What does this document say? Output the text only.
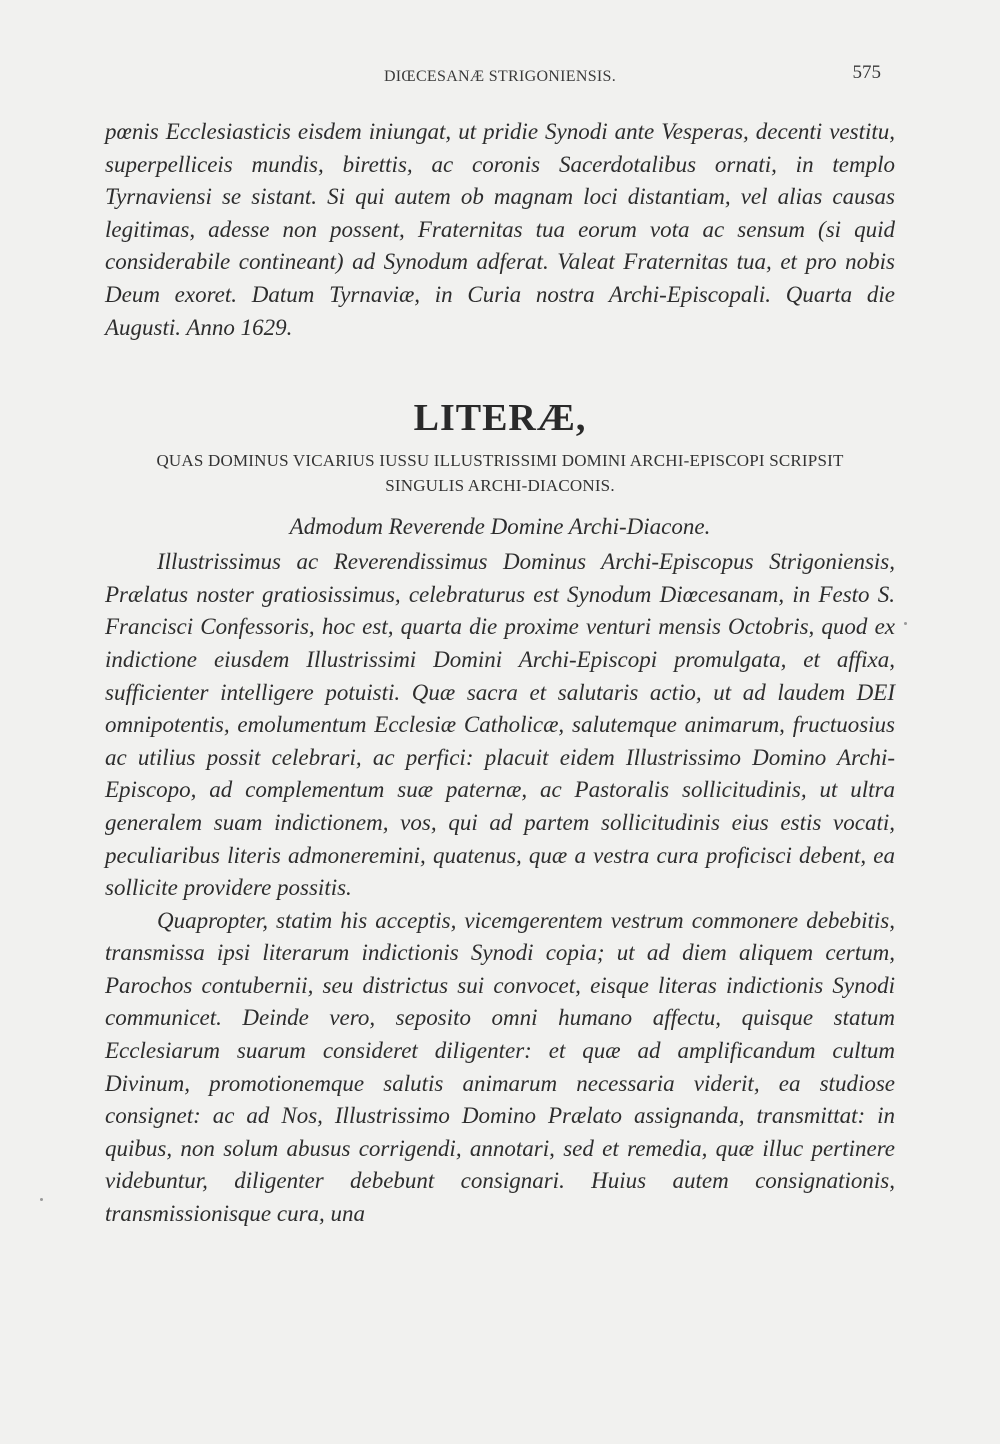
DIŒCESANÆ STRIGONIENSIS.	575

pœnis Ecclesiasticis eisdem iniungat, ut pridie Synodi ante Vesperas, decenti vestitu, superpelliceis mundis, birettis, ac coronis Sacerdotalibus ornati, in templo Tyrnaviensi se sistant. Si qui autem ob magnam loci distantiam, vel alias causas legitimas, adesse non possent, Fraternitas tua eorum vota ac sensum (si quid considerabile contineant) ad Synodum adferat. Valeat Fraternitas tua, et pro nobis Deum exoret. Datum Tyrnaviæ, in Curia nostra Archi-Episcopali. Quarta die Augusti. Anno 1629.

LITERÆ,
QUAS DOMINUS VICARIUS IUSSU ILLUSTRISSIMI DOMINI ARCHI-EPISCOPI SCRIPSIT SINGULIS ARCHI-DIACONIS.
Admodum Reverende Domine Archi-Diacone.

Illustrissimus ac Reverendissimus Dominus Archi-Episcopus Strigoniensis, Prælatus noster gratiosissimus, celebraturus est Synodum Diœcesanam, in Festo S. Francisci Confessoris, hoc est, quarta die proxime venturi mensis Octobris, quod ex indictione eiusdem Illustrissimi Domini Archi-Episcopi promulgata, et affixa, sufficienter intelligere potuisti. Quæ sacra et salutaris actio, ut ad laudem DEI omnipotentis, emolumentum Ecclesiæ Catholicæ, salutemque animarum, fructuosius ac utilius possit celebrari, ac perfici: placuit eidem Illustrissimo Domino Archi-Episcopo, ad complementum suæ paternæ, ac Pastoralis sollicitudinis, ut ultra generalem suam indictionem, vos, qui ad partem sollicitudinis eius estis vocati, peculiaribus literis admoneremini, quatenus, quæ a vestra cura proficisci debent, ea sollicite providere possitis.

Quapropter, statim his acceptis, vicemgerentem vestrum commonere debebitis, transmissa ipsi literarum indictionis Synodi copia; ut ad diem aliquem certum, Parochos contubernii, seu districtus sui convocet, eisque literas indictionis Synodi communicet. Deinde vero, seposito omni humano affectu, quisque statum Ecclesiarum suarum consideret diligenter: et quæ ad amplificandum cultum Divinum, promotionemque salutis animarum necessaria viderit, ea studiose consignet: ac ad Nos, Illustrissimo Domino Prælato assignanda, transmittat: in quibus, non solum abusus corrigendi, annotari, sed et remedia, quæ illuc pertinere videbuntur, diligenter debebunt consignari. Huius autem consignationis, transmissionisque cura, una
